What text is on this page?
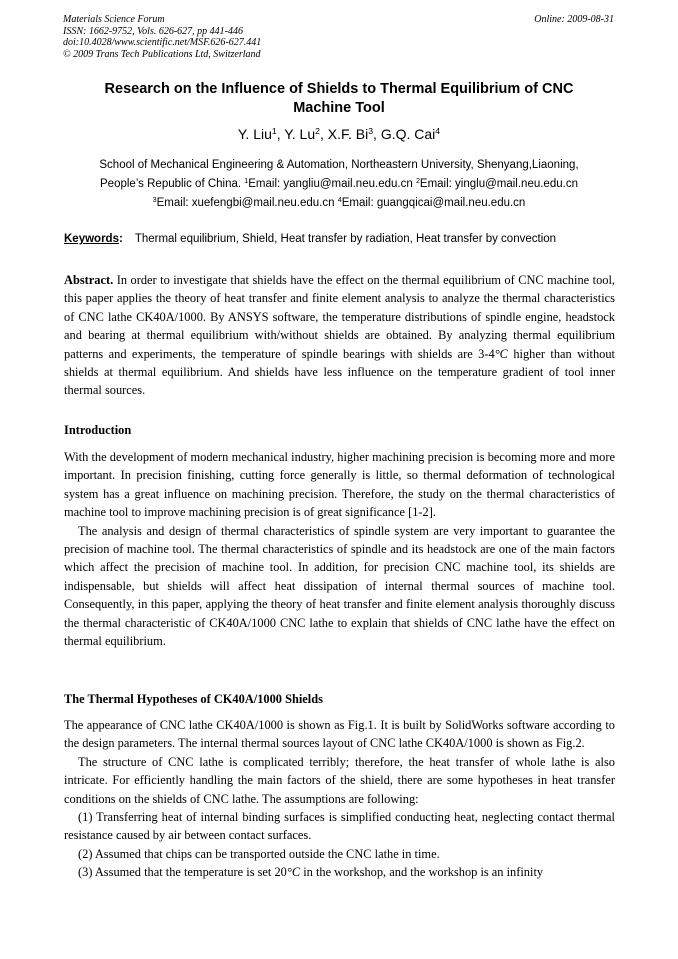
Materials Science Forum
ISSN: 1662-9752, Vols. 626-627, pp 441-446
doi:10.4028/www.scientific.net/MSF.626-627.441
© 2009 Trans Tech Publications Ltd, Switzerland
Online: 2009-08-31
Research on the Influence of Shields to Thermal Equilibrium of CNC
Machine Tool
Y. Liu$^1$, Y. Lu$^2$, X.F. Bi$^3$, G.Q. Cai$^4$
School of Mechanical Engineering & Automation, Northeastern University, Shenyang,Liaoning,
People’s Republic of China. $^1$Email: yangliu@mail.neu.edu.cn $^2$Email: yinglu@mail.neu.edu.cn
$^3$Email: xuefengbi@mail.neu.edu.cn $^4$Email: guangqicai@mail.neu.edu.cn
Keywords: Thermal equilibrium, Shield, Heat transfer by radiation, Heat transfer by convection

Abstract. In order to investigate that shields have the effect on the thermal equilibrium of CNC machine tool, this paper applies the theory of heat transfer and finite element analysis to analyze the thermal characteristics of CNC lathe CK40A/1000. By ANSYS software, the temperature distributions of spindle engine, headstock and bearing at thermal equilibrium with/without shields are obtained. By analyzing thermal equilibrium patterns and experiments, the temperature of spindle bearings with shields are 3-4°C higher than without shields at thermal equilibrium. And shields have less influence on the temperature gradient of tool inner thermal sources.

Introduction

With the development of modern mechanical industry, higher machining precision is becoming more and more important. In precision finishing, cutting force generally is little, so thermal deformation of technological system has a great influence on machining precision. Therefore, the study on the thermal characteristics of machine tool to improve machining precision is of great significance [1-2].

The analysis and design of thermal characteristics of spindle system are very important to guarantee the precision of machine tool. The thermal characteristics of spindle and its headstock are one of the main factors which affect the precision of machine tool. In addition, for precision CNC machine tool, its shields are indispensable, but shields will affect heat dissipation of internal thermal sources of machine tool. Consequently, in this paper, applying the theory of heat transfer and finite element analysis thoroughly discuss the thermal characteristic of CK40A/1000 CNC lathe to explain that shields of CNC lathe have the effect on thermal equilibrium.

The Thermal Hypotheses of CK40A/1000 Shields

The appearance of CNC lathe CK40A/1000 is shown as Fig.1. It is built by SolidWorks software according to the design parameters. The internal thermal sources layout of CNC lathe CK40A/1000 is shown as Fig.2.

The structure of CNC lathe is complicated terribly; therefore, the heat transfer of whole lathe is also intricate. For efficiently handling the main factors of the shield, there are some hypotheses in heat transfer conditions on the shields of CNC lathe. The assumptions are following:

(1) Transferring heat of internal binding surfaces is simplified conducting heat, neglecting contact thermal resistance caused by air between contact surfaces.

(2) Assumed that chips can be transported outside the CNC lathe in time.

(3) Assumed that the temperature is set 20°C in the workshop, and the workshop is an infinity
